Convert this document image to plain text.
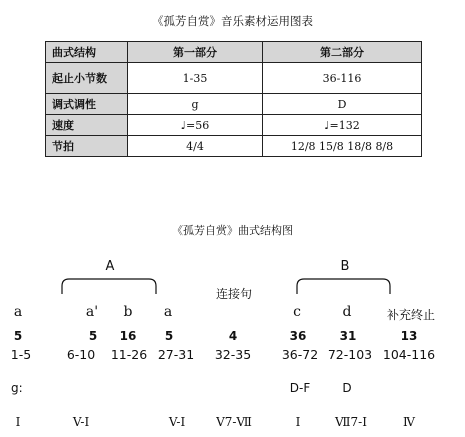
《孤芳自赏》音乐素材运用图表
曲式结构	第一部分	第二部分
起止小节数	1-35	36-116
调式调性	g	D
速度	♩=56	♩=132
节拍	4/4	12/8 15/8 18/8 8/8
《孤芳自赏》曲式结构图
A	B
连接句
a	a' b a	c	d	补充终止
5	5 16 5	4	36	31	13
1-5	6-10 11-26 27-31 32-35 36-72 72-103 104-116
g:	D-F	D
I	V-I	V-I	V7-Ⅶ	I	Ⅶ7-I	Ⅳ
